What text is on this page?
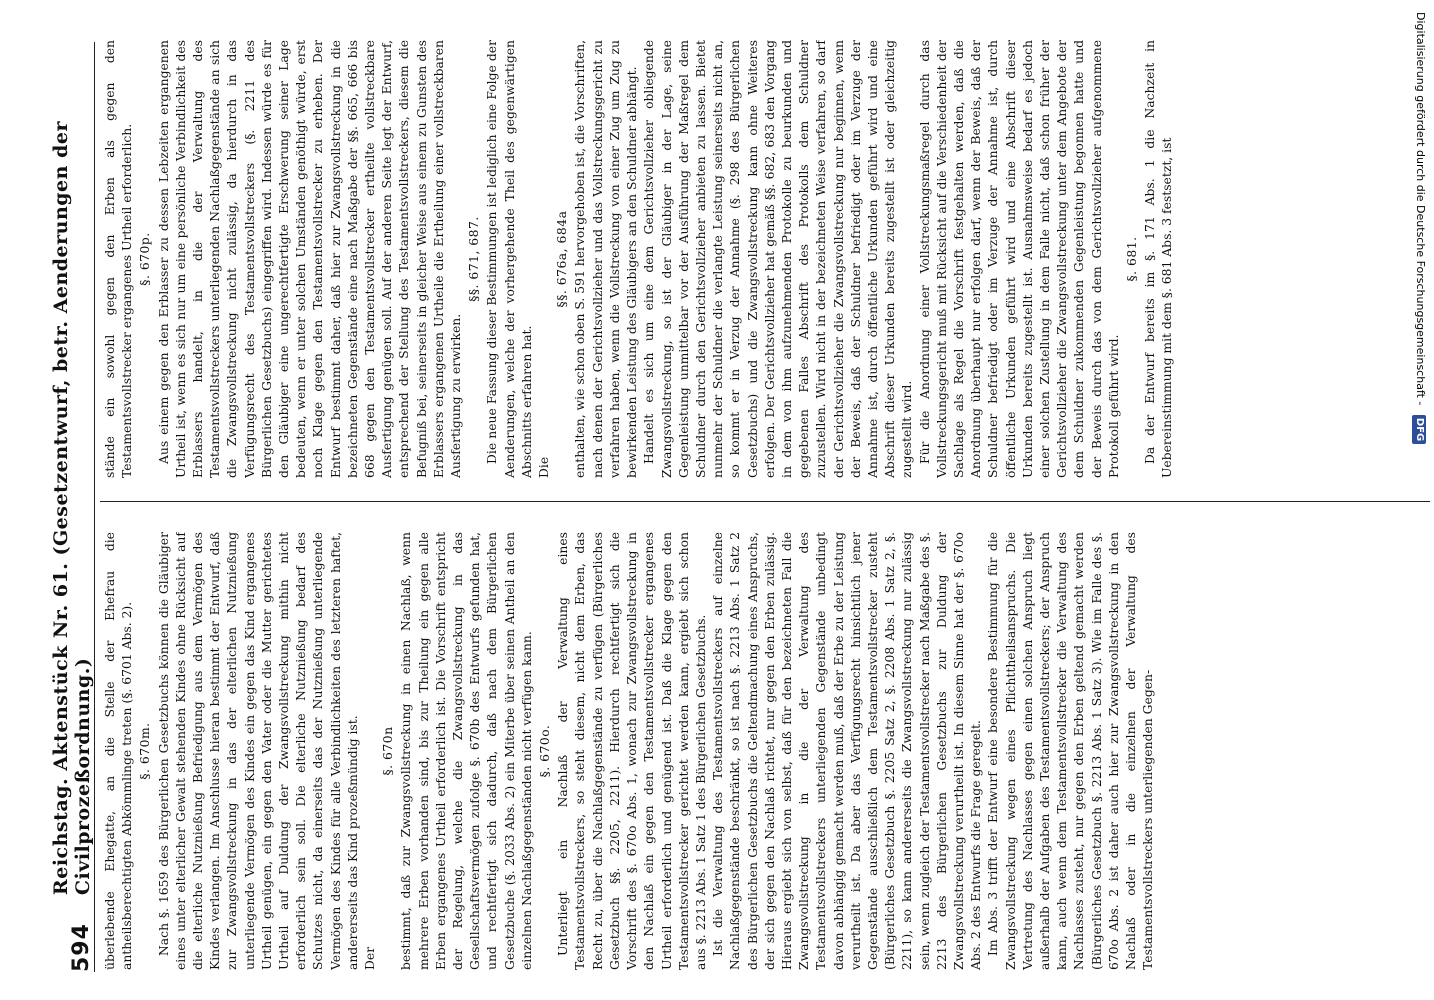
594
Reichstag. Aktenstück Nr. 61. (Gesetzentwurf, betr. Aenderungen der Civilprozeßordnung.) überlebende Ehegatte, an die Stelle der Ehefrau die antheilsberechtigten Abkömmlinge treten (§. 6701 Abs. 2). §. 670m. Nach §. 1659 des Bürgerlichen Gesetzbuchs können die Gläubiger eines unter elterlicher Gewalt stehenden Kindes ohne Rücksicht auf die elterliche Nutznießung Befriedigung aus dem Vermögen des Kindes verlangen. Im Anschlusse hieran bestimmt der Entwurf, daß zur Zwangsvollstreckung in das der elterlichen Nutznießung unterliegende Vermögen des Kindes ein gegen das Kind ergangenes Urtheil genügen, ein gegen den Vater oder die Mutter gerichtetes Urtheil auf Duldung der Zwangsvollstreckung mithin nicht erforderlich sein soll. Die elterliche Nutznießung bedarf des Schutzes nicht, da einerseits das der Nutznießung unterliegende Vermögen des Kindes für alle Verbindlichkeiten des letzteren haftet, andererseits das Kind prozeßmündig ist. Der
§. 670n bestimmt, daß zur Zwangsvollstreckung in einen Nachlaß, wenn mehrere Erben vorhanden sind, bis zur Theilung ein gegen alle Erben ergangenes Urtheil erforderlich ist. Die Vorschrift entspricht der Regelung, welche die Zwangsvollstreckung in das Gesellschaftsvermögen zufolge §. 670b des Entwurfs gefunden hat, und rechtfertigt sich dadurch, daß nach dem Bürgerlichen Gesetzbuche (§. 2033 Abs. 2) ein Miterbe über seinen Antheil an den einzelnen Nachlaßgegenständen nicht verfügen kann. §. 670o. Unterliegt ein Nachlaß der Verwaltung eines Testamentsvollstreckers, so steht diesem, nicht dem Erben, das Recht zu, über die Nachlaßgegenstände zu verfügen (Bürgerliches Gesetzbuch §§. 2205, 2211). Hierdurch rechtfertigt sich die Vorschrift des §. 670o Abs. 1, wonach zur Zwangsvollstreckung in den Nachlaß ein gegen den Testamentsvollstrecker ergangenes Urtheil erforderlich und genügend ist. Daß die Klage gegen den Testamentsvollstrecker gerichtet werden kann, ergiebt sich schon aus §. 2213 Abs. 1 Satz 1 des Bürgerlichen Gesetzbuchs. Ist die Verwaltung des Testamentsvollstreckers auf einzelne Nachlaßgegenstände beschränkt, so ist nach §. 2213 Abs. 1 Satz 2 des Bürgerlichen Gesetzbuchs die Geltendmachung eines Anspruchs, der sich gegen den Nachlaß richtet, nur gegen den Erben zulässig. Hieraus ergiebt sich von selbst, daß für den bezeichneten Fall die Zwangsvollstreckung in die der Verwaltung des Testamentsvollstreckers unterliegenden Gegenstände unbedingt davon abhängig gemacht werden muß, daß der Erbe zu der Leistung verurtheilt ist. Da aber das Verfügungsrecht hinsichtlich jener Gegenstände ausschließlich dem Testamentsvollstrecker zusteht (Bürgerliches Gesetzbuch §. 2205 Satz 2, §. 2208 Abs. 1 Satz 2, §. 2211), so kann andererseits die Zwangsvollstreckung nur zulässig sein, wenn zugleich der Testamentsvollstrecker nach Maßgabe des §. 2213 des Bürgerlichen Gesetzbuchs zur Duldung der Zwangsvollstreckung verurtheilt ist. In diesem Sinne hat der §. 670o Abs. 2 des Entwurfs die Frage geregelt. Im Abs. 3 trifft der Entwurf eine besondere Bestimmung für die Zwangsvollstreckung wegen eines Pflichttheilsanspruchs. Die Vertretung des Nachlasses gegen einen solchen Anspruch liegt außerhalb der Aufgaben des Testamentsvollstreckers; der Anspruch kann, auch wenn dem Testamentsvollstrecker die Verwaltung des Nachlasses zusteht, nur gegen den Erben geltend gemacht werden (Bürgerliches Gesetzbuch §. 2213 Abs. 1 Satz 3). Wie im Falle des §. 670o Abs. 2 ist daher auch hier zur Zwangsvollstreckung in den Nachlaß oder in die einzelnen der Verwaltung des Testamentsvollstreckers unterliegenden Gegen-

stände ein sowohl gegen den Erben als gegen den Testamentsvollstrecker ergangenes Urtheil erforderlich. §. 670p. Aus einem gegen den Erblasser zu dessen Lebzeiten ergangenen Urtheil ist, wenn es sich nur um eine persönliche Verbindlichkeit des Erblassers handelt, in die der Verwaltung des Testamentsvollstreckers unterliegenden Nachlaßgegenstände an sich die Zwangsvollstreckung nicht zulässig, da hierdurch in das Verfügungsrecht des Testamentsvollstreckers (§. 2211 des Bürgerlichen Gesetzbuchs) eingegriffen wird. Indessen würde es für den Gläubiger eine ungerechtfertigte Erschwerung seiner Lage bedeuten, wenn er unter solchen Umständen genöthigt würde, erst noch Klage gegen den Testamentsvollstrecker zu erheben. Der Entwurf bestimmt daher, daß hier zur Zwangsvollstreckung in die bezeichneten Gegenstände eine nach Maßgabe der §§. 665, 666 bis 668 gegen den Testamentsvollstrecker ertheilte vollstreckbare Ausfertigung genügen soll. Auf der anderen Seite legt der Entwurf, entsprechend der Stellung des Testamentsvollstreckers, diesem die Befugniß bei, seinerseits in gleicher Weise aus einem zu Gunsten des Erblassers ergangenen Urtheile die Ertheilung einer vollstreckbaren Ausfertigung zu erwirken.

§§. 671, 687. Die neue Fassung dieser Bestimmungen ist lediglich eine Folge der Aenderungen, welche der vorhergehende Theil des gegenwärtigen Abschnitts erfahren hat. Die
§§. 676a, 684a enthalten, wie schon oben S. 591 hervorgehoben ist, die Vorschriften, nach denen der Gerichtsvollzieher und das Vollstreckungsgericht zu verfahren haben, wenn die Vollstreckung von einer Zug um Zug zu bewirkenden Leistung des Gläubigers an den Schuldner abhängt. Handelt es sich um eine dem Gerichtsvollzieher obliegende Zwangsvollstreckung, so ist der Gläubiger in der Lage, seine Gegenleistung unmittelbar vor der Ausführung der Maßregel dem Schuldner durch den Gerichtsvollzieher anbieten zu lassen. Bietet nunmehr der Schuldner die verlangte Leistung seinerseits nicht an, so kommt er in Verzug der Annahme (§. 298 des Bürgerlichen Gesetzbuchs) und die Zwangsvollstreckung kann ohne Weiteres erfolgen. Der Gerichtsvollzieher hat gemäß §§. 682, 683 den Vorgang in dem von ihm aufzunehmenden Protokolle zu beurkunden und gegebenen Falles Abschrift des Protokolls dem Schuldner zuzustellen. Wird nicht in der bezeichneten Weise verfahren, so darf der Gerichtsvollzieher die Zwangsvollstreckung nur beginnen, wenn der Beweis, daß der Schuldner befriedigt oder im Verzuge der Annahme ist, durch öffentliche Urkunden geführt wird und eine Abschrift dieser Urkunden bereits zugestellt ist oder gleichzeitig zugestellt wird. Für die Anordnung einer Vollstreckungsmaßregel durch das Vollstreckungsgericht muß mit Rücksicht auf die Verschiedenheit der Sachlage als Regel die Vorschrift festgehalten werden, daß die Anordnung überhaupt nur erfolgen darf, wenn der Beweis, daß der Schuldner befriedigt oder im Verzuge der Annahme ist, durch öffentliche Urkunden geführt wird und eine Abschrift dieser Urkunden bereits zugestellt ist. Ausnahmsweise bedarf es jedoch einer solchen Zustellung in dem Falle nicht, daß schon früher der Gerichtsvollzieher die Zwangsvollstreckung unter dem Angebote der dem Schuldner zukommenden Gegenleistung begonnen hatte und der Beweis durch das von dem Gerichtsvollzieher aufgenommene Protokoll geführt wird.

§. 681. Da der Entwurf bereits im §. 171 Abs. 1 die Nachzeit in Uebereinstimmung mit dem §. 681 Abs. 3 festsetzt, ist	Digitalisierung gefördert durch die Deutsche Forschungsgemeinschaft - DFG
